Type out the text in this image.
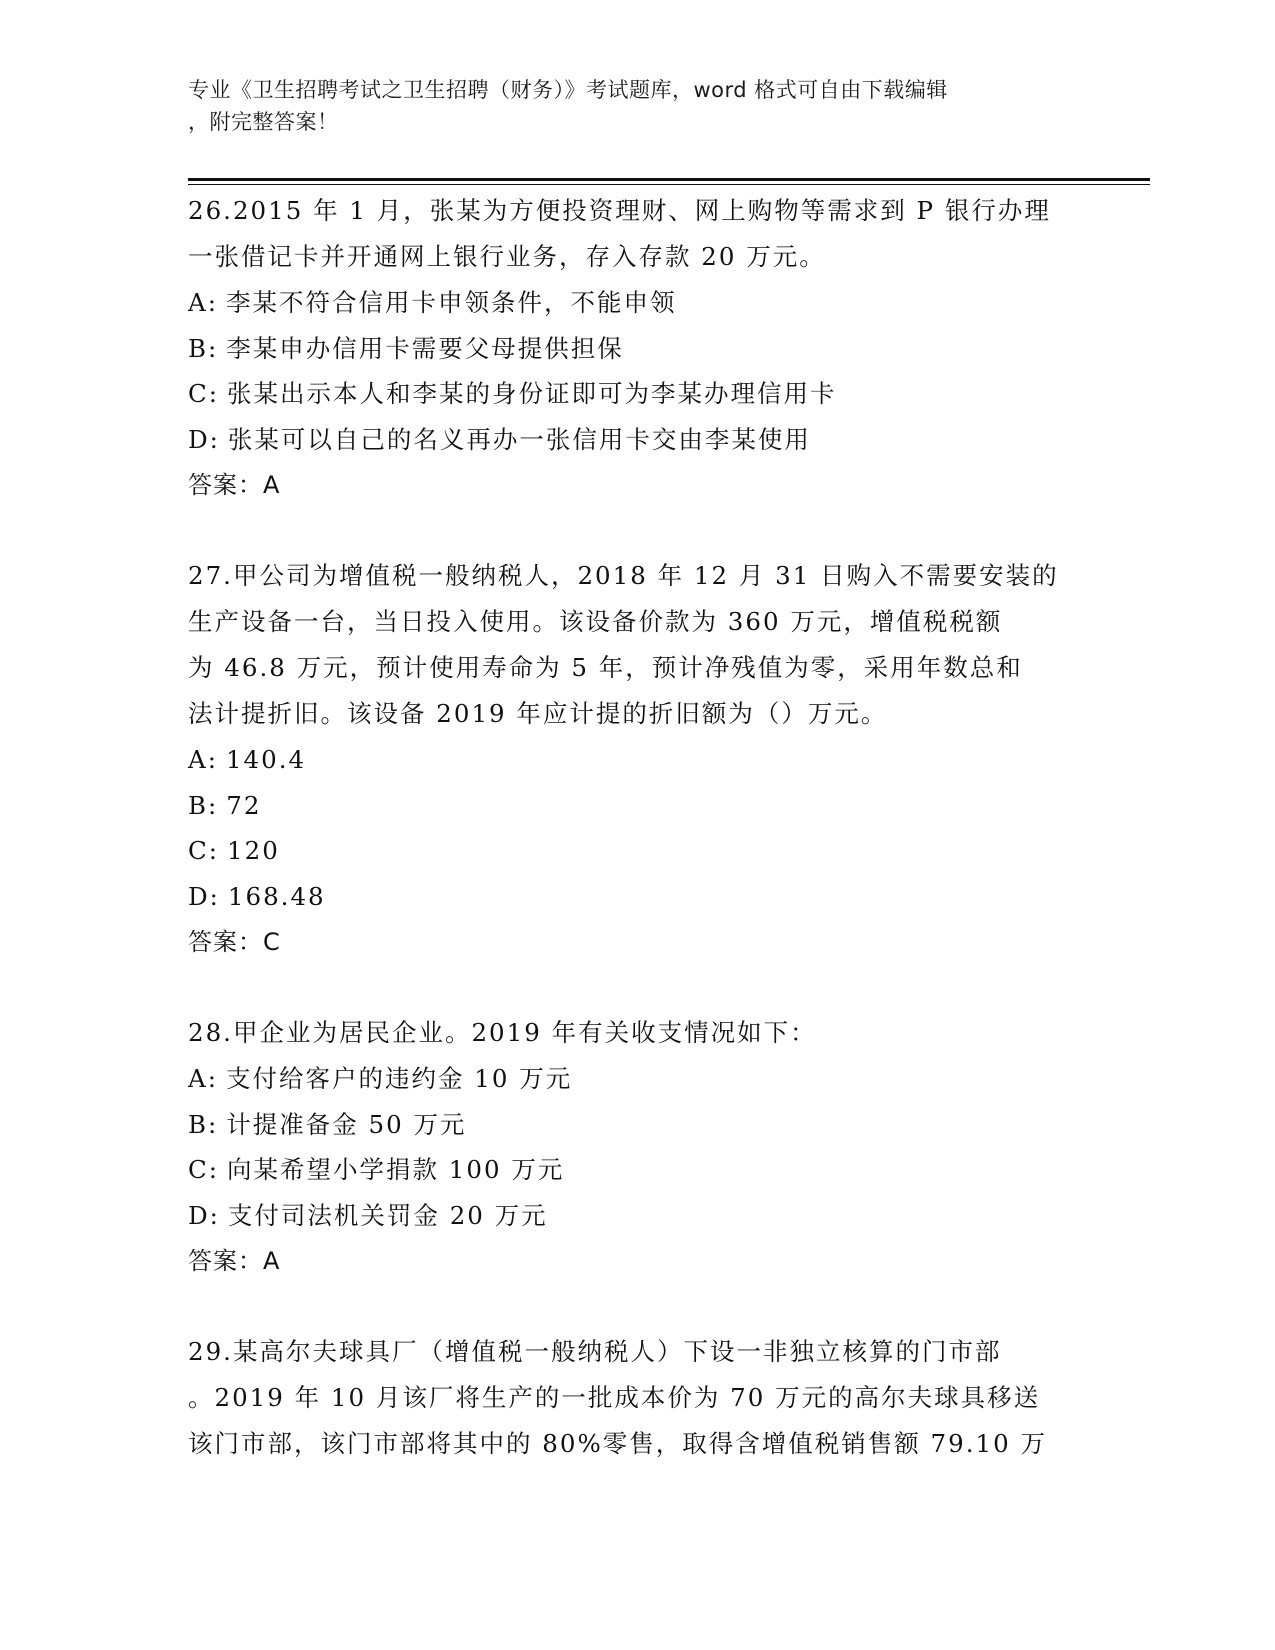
专业《卫生招聘考试之卫生招聘（财务）》考试题库，word 格式可自由下载编辑

，附完整答案！

26.2015 年 1 月，张某为方便投资理财、网上购物等需求到 P 银行办理

一张借记卡并开通网上银行业务，存入存款 20 万元。

A: 李某不符合信用卡申领条件，不能申领

B: 李某申办信用卡需要父母提供担保

C: 张某出示本人和李某的身份证即可为李某办理信用卡

D: 张某可以自己的名义再办一张信用卡交由李某使用

答案：A

27.甲公司为增值税一般纳税人，2018 年 12 月 31 日购入不需要安装的

生产设备一台，当日投入使用。该设备价款为 360 万元，增值税税额

为 46.8 万元，预计使用寿命为 5 年，预计净残值为零，采用年数总和

法计提折旧。该设备 2019 年应计提的折旧额为（）万元。

A: 140.4

B: 72

C: 120

D: 168.48

答案：C

28.甲企业为居民企业。2019 年有关收支情况如下：

A: 支付给客户的违约金 10 万元

B: 计提准备金 50 万元

C: 向某希望小学捐款 100 万元

D: 支付司法机关罚金 20 万元

答案：A

29.某高尔夫球具厂（增值税一般纳税人）下设一非独立核算的门市部

。2019 年 10 月该厂将生产的一批成本价为 70 万元的高尔夫球具移送

该门市部，该门市部将其中的 80%零售，取得含增值税销售额 79.10 万
